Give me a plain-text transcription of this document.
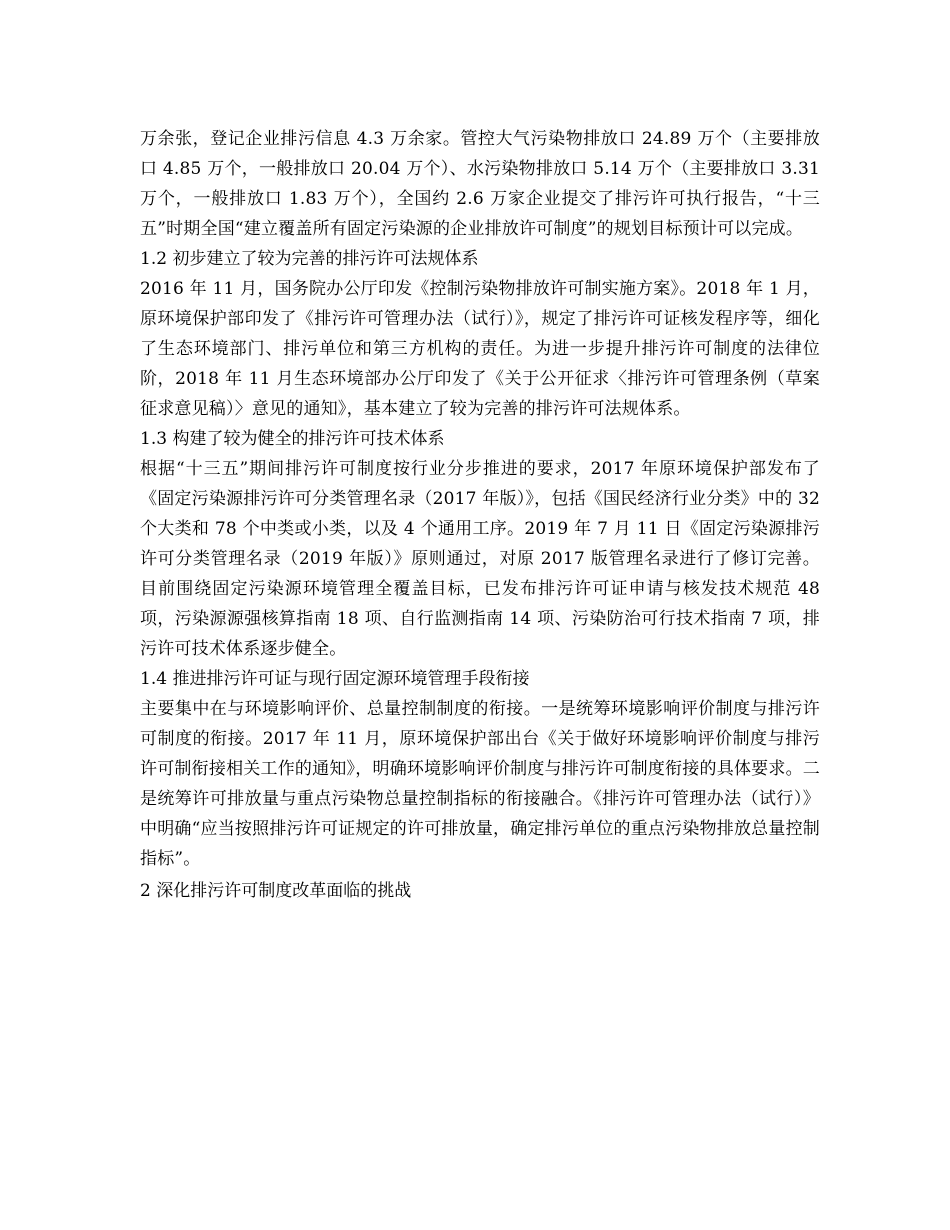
万余张，登记企业排污信息 4.3 万余家。管控大气污染物排放口 24.89 万个（主要排放口 4.85 万个，一般排放口 20.04 万个）、水污染物排放口 5.14 万个（主要排放口 3.31 万个，一般排放口 1.83 万个），全国约 2.6 万家企业提交了排污许可执行报告，“十三五”时期全国“建立覆盖所有固定污染源的企业排放许可制度”的规划目标预计可以完成。

1.2 初步建立了较为完善的排污许可法规体系

2016 年 11 月，国务院办公厅印发《控制污染物排放许可制实施方案》。2018 年 1 月，原环境保护部印发了《排污许可管理办法（试行）》，规定了排污许可证核发程序等，细化了生态环境部门、排污单位和第三方机构的责任。为进一步提升排污许可制度的法律位阶，2018 年 11 月生态环境部办公厅印发了《关于公开征求〈排污许可管理条例（草案征求意见稿）〉意见的通知》，基本建立了较为完善的排污许可法规体系。

1.3 构建了较为健全的排污许可技术体系

根据“十三五”期间排污许可制度按行业分步推进的要求，2017 年原环境保护部发布了《固定污染源排污许可分类管理名录（2017 年版）》，包括《国民经济行业分类》中的 32 个大类和 78 个中类或小类，以及 4 个通用工序。2019 年 7 月 11 日《固定污染源排污许可分类管理名录（2019 年版）》原则通过，对原 2017 版管理名录进行了修订完善。目前围绕固定污染源环境管理全覆盖目标，已发布排污许可证申请与核发技术规范 48 项，污染源源强核算指南 18 项、自行监测指南 14 项、污染防治可行技术指南 7 项，排污许可技术体系逐步健全。

1.4 推进排污许可证与现行固定源环境管理手段衔接

主要集中在与环境影响评价、总量控制制度的衔接。一是统筹环境影响评价制度与排污许可制度的衔接。2017 年 11 月，原环境保护部出台《关于做好环境影响评价制度与排污许可制衔接相关工作的通知》，明确环境影响评价制度与排污许可制度衔接的具体要求。二是统筹许可排放量与重点污染物总量控制指标的衔接融合。《排污许可管理办法（试行）》中明确“应当按照排污许可证规定的许可排放量，确定排污单位的重点污染物排放总量控制指标”。

2 深化排污许可制度改革面临的挑战
